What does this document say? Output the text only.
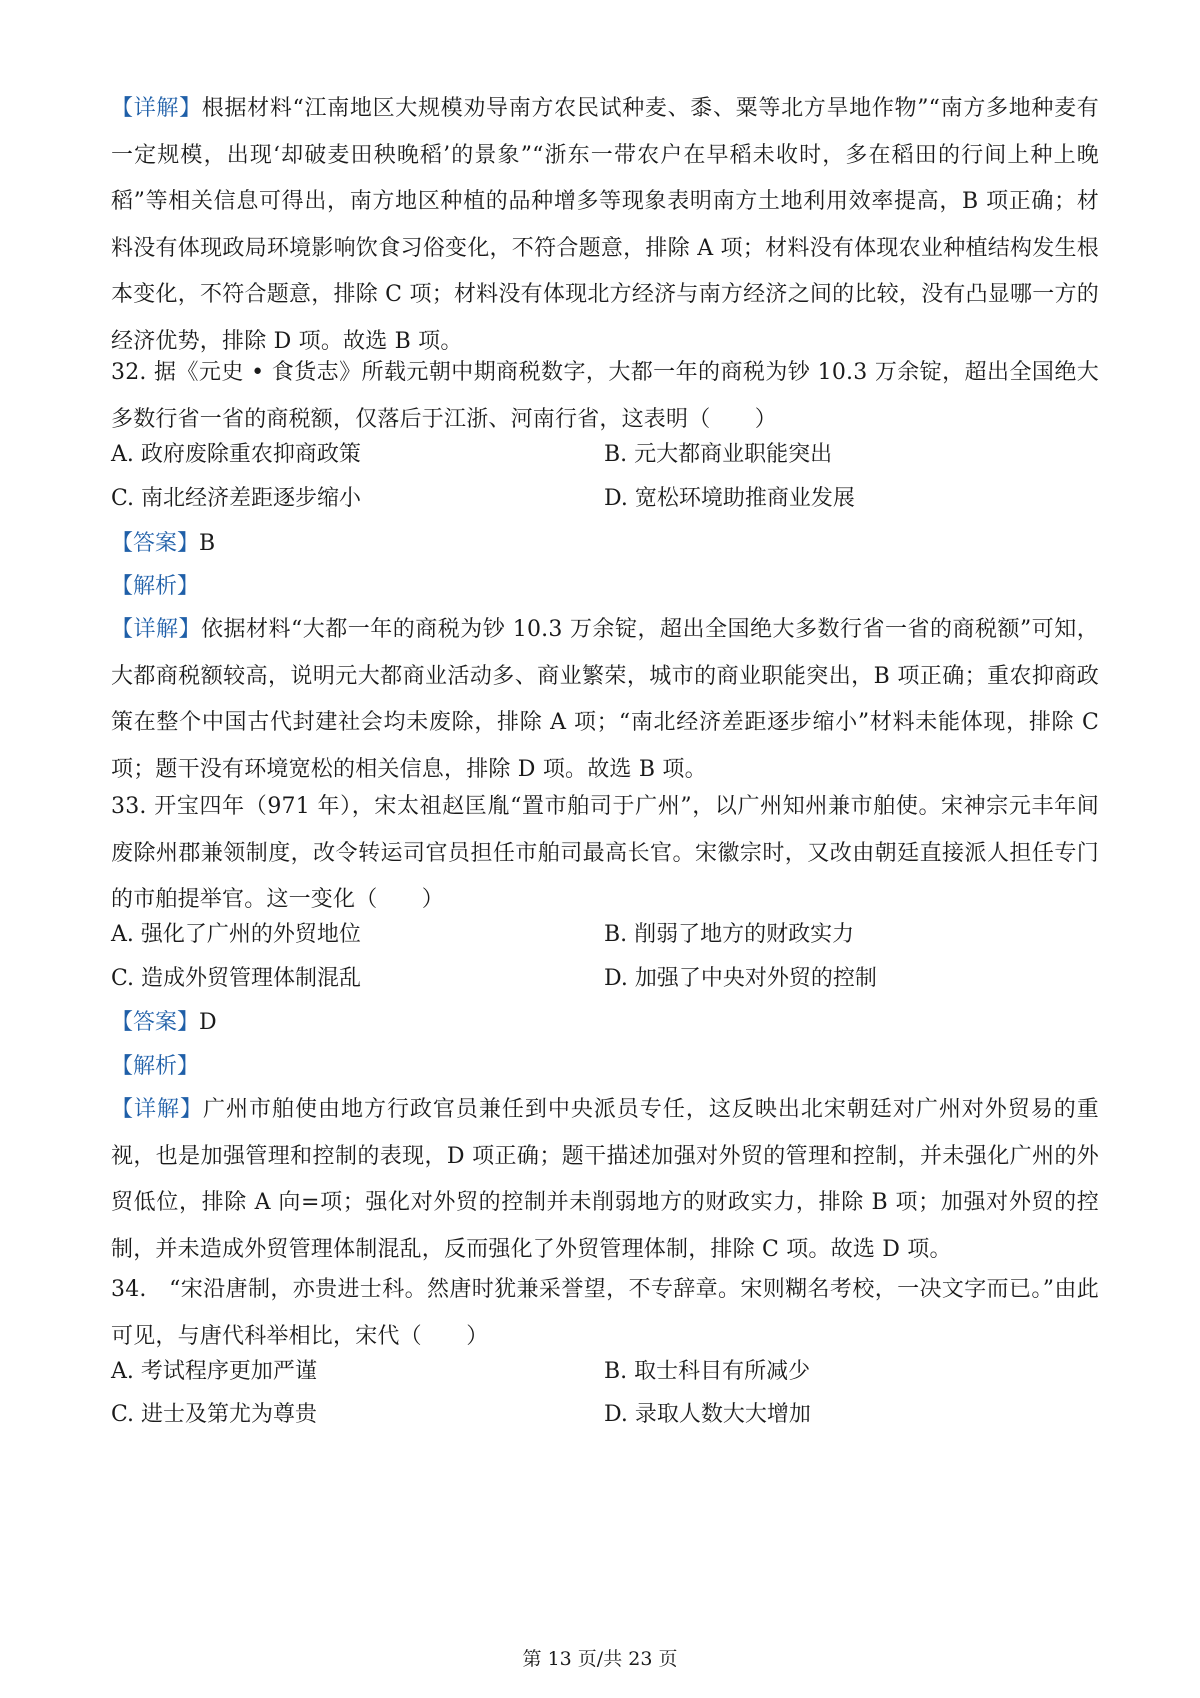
【详解】根据材料“江南地区大规模劝导南方农民试种麦、黍、粟等北方旱地作物”“南方多地种麦有一定规模，出现‘却破麦田秧晚稻’的景象”“浙东一带农户在早稻未收时，多在稻田的行间上种上晚稻”等相关信息可得出，南方地区种植的品种增多等现象表明南方土地利用效率提高，B 项正确；材料没有体现政局环境影响饮食习俗变化，不符合题意，排除 A 项；材料没有体现农业种植结构发生根本变化，不符合题意，排除 C 项；材料没有体现北方经济与南方经济之间的比较，没有凸显哪一方的经济优势，排除 D 项。故选 B 项。

32. 据《元史 • 食货志》所载元朝中期商税数字，大都一年的商税为钞 10.3 万余锭，超出全国绝大多数行省一省的商税额，仅落后于江浙、河南行省，这表明（　　）

A. 政府废除重农抑商政策	B. 元大都商业职能突出
C. 南北经济差距逐步缩小	D. 宽松环境助推商业发展
【答案】B
【解析】

【详解】依据材料“大都一年的商税为钞 10.3 万余锭，超出全国绝大多数行省一省的商税额”可知，大都商税额较高，说明元大都商业活动多、商业繁荣，城市的商业职能突出，B 项正确；重农抑商政策在整个中国古代封建社会均未废除，排除 A 项；“南北经济差距逐步缩小”材料未能体现，排除 C 项；题干没有环境宽松的相关信息，排除 D 项。故选 B 项。

33. 开宝四年（971 年），宋太祖赵匡胤“置市舶司于广州”，以广州知州兼市舶使。宋神宗元丰年间废除州郡兼领制度，改令转运司官员担任市舶司最高长官。宋徽宗时，又改由朝廷直接派人担任专门的市舶提举官。这一变化（　　）

A. 强化了广州的外贸地位	B. 削弱了地方的财政实力
C. 造成外贸管理体制混乱	D. 加强了中央对外贸的控制
【答案】D
【解析】

【详解】广州市舶使由地方行政官员兼任到中央派员专任，这反映出北宋朝廷对广州对外贸易的重视，也是加强管理和控制的表现，D 项正确；题干描述加强对外贸的管理和控制，并未强化广州的外贸低位，排除 A 向=项；强化对外贸的控制并未削弱地方的财政实力，排除 B 项；加强对外贸的控制，并未造成外贸管理体制混乱，反而强化了外贸管理体制，排除 C 项。故选 D 项。

34.　“宋沿唐制，亦贵进士科。然唐时犹兼采誉望，不专辞章。宋则糊名考校，一决文字而已。”由此可见，与唐代科举相比，宋代（　　）

A. 考试程序更加严谨	B. 取士科目有所减少
C. 进士及第尤为尊贵	D. 录取人数大大增加
第 13 页/共 23 页
